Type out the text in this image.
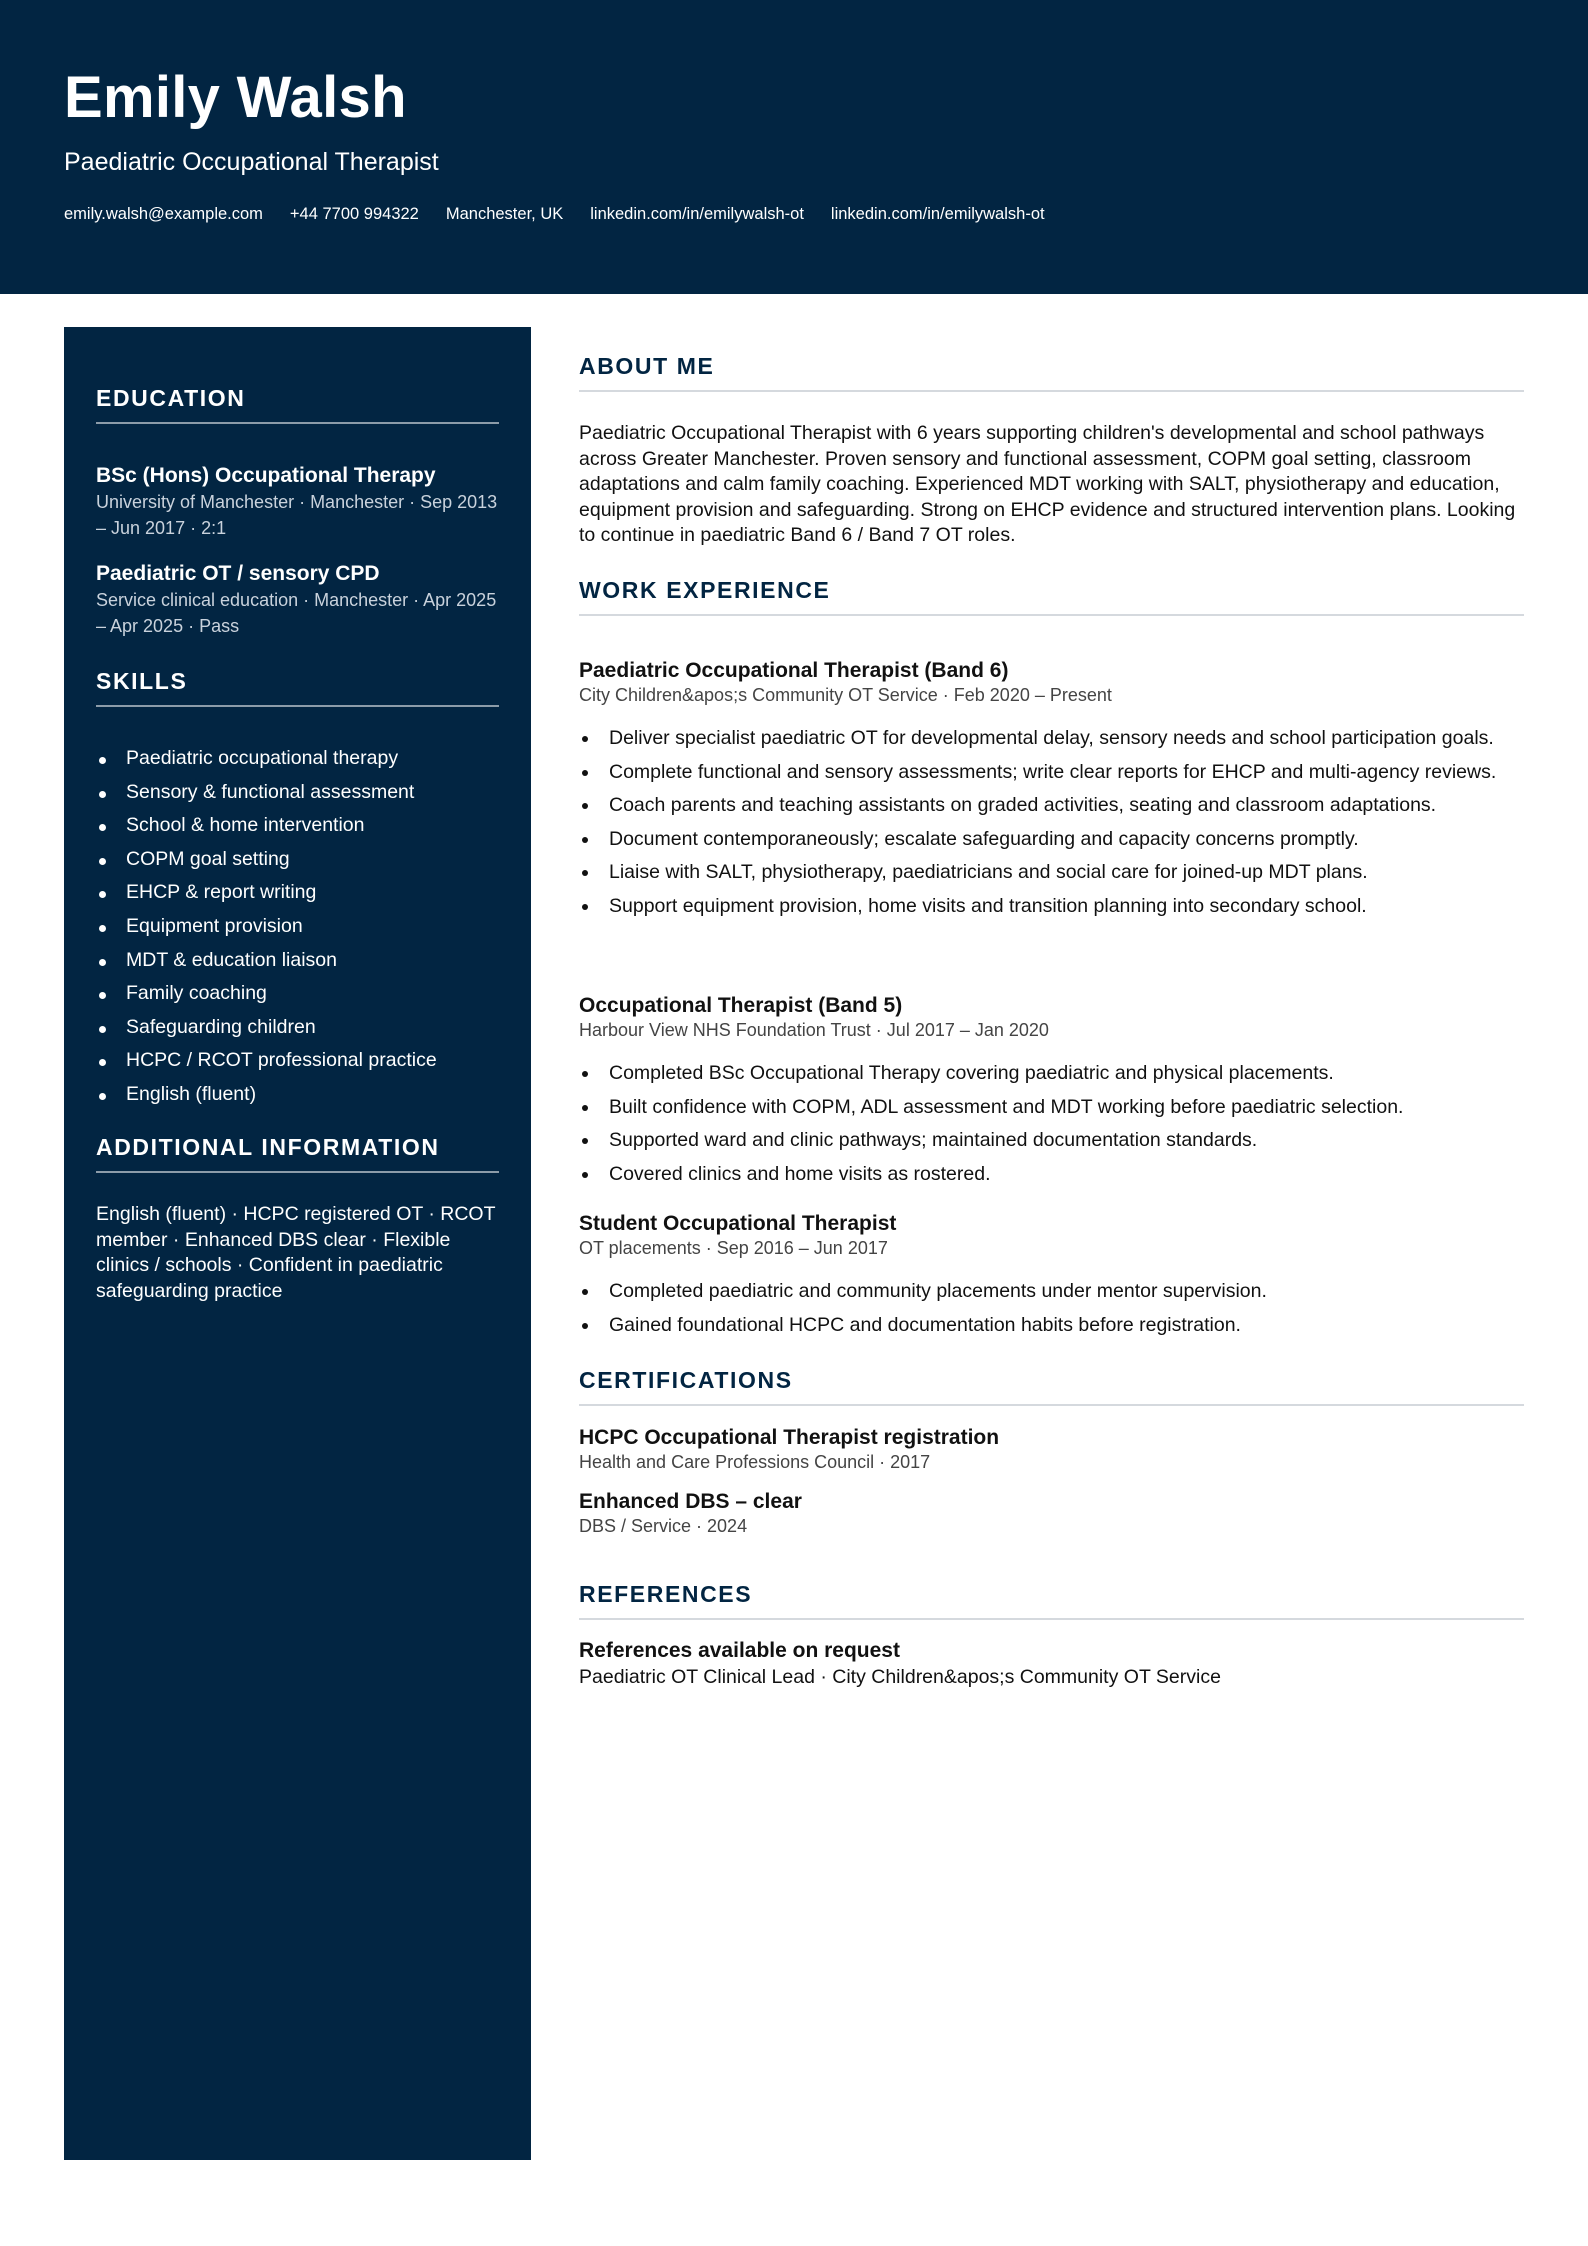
Emily Walsh
Paediatric Occupational Therapist
emily.walsh@example.com +44 7700 994322 Manchester, UK linkedin.com/in/emilywalsh-ot linkedin.com/in/emilywalsh-ot
EDUCATION
BSc (Hons) Occupational Therapy
University of Manchester · Manchester · Sep 2013 – Jun 2017 · 2:1
Paediatric OT / sensory CPD
Service clinical education · Manchester · Apr 2025 – Apr 2025 · Pass
SKILLS
Paediatric occupational therapy
Sensory & functional assessment
School & home intervention
COPM goal setting
EHCP & report writing
Equipment provision
MDT & education liaison
Family coaching
Safeguarding children
HCPC / RCOT professional practice
English (fluent)
ADDITIONAL INFORMATION
English (fluent) · HCPC registered OT · RCOT member · Enhanced DBS clear · Flexible clinics / schools · Confident in paediatric safeguarding practice
ABOUT ME
Paediatric Occupational Therapist with 6 years supporting children's developmental and school pathways across Greater Manchester. Proven sensory and functional assessment, COPM goal setting, classroom adaptations and calm family coaching. Experienced MDT working with SALT, physiotherapy and education, equipment provision and safeguarding. Strong on EHCP evidence and structured intervention plans. Looking to continue in paediatric Band 6 / Band 7 OT roles.
WORK EXPERIENCE
Paediatric Occupational Therapist (Band 6)
City Children&apos;s Community OT Service · Feb 2020 – Present
Deliver specialist paediatric OT for developmental delay, sensory needs and school participation goals.
Complete functional and sensory assessments; write clear reports for EHCP and multi-agency reviews.
Coach parents and teaching assistants on graded activities, seating and classroom adaptations.
Document contemporaneously; escalate safeguarding and capacity concerns promptly.
Liaise with SALT, physiotherapy, paediatricians and social care for joined-up MDT plans.
Support equipment provision, home visits and transition planning into secondary school.
Occupational Therapist (Band 5)
Harbour View NHS Foundation Trust · Jul 2017 – Jan 2020
Completed BSc Occupational Therapy covering paediatric and physical placements.
Built confidence with COPM, ADL assessment and MDT working before paediatric selection.
Supported ward and clinic pathways; maintained documentation standards.
Covered clinics and home visits as rostered.
Student Occupational Therapist
OT placements · Sep 2016 – Jun 2017
Completed paediatric and community placements under mentor supervision.
Gained foundational HCPC and documentation habits before registration.
CERTIFICATIONS
HCPC Occupational Therapist registration
Health and Care Professions Council · 2017
Enhanced DBS – clear
DBS / Service · 2024
REFERENCES
References available on request
Paediatric OT Clinical Lead · City Children&apos;s Community OT Service
